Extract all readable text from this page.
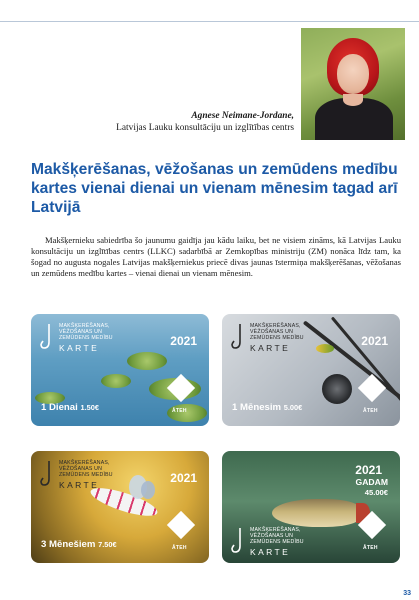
Agnese Neimane-Jordane,
Latvijas Lauku konsultāciju un izglītības centrs
Makšķerēšanas, vēžošanas un zemūdens medību kartes vienai dienai un vienam mēnesim tagad arī Latvijā

Makšķernieku sabiedrība šo jaunumu gaidīja jau kādu laiku, bet ne visiem zināms, kā Latvijas Lauku konsultāciju un izglītības centrs (LLKC) sadarbībā ar Zemkopības ministriju (ZM) nonāca līdz tam, ka šogad no augusta nogales Latvijas makšķerniekus priecē divas jaunas īstermiņa makšķerēšanas, vēžošanas un zemūdens medību kartes – vienai dienai un vienam mēnesim.

MAKŠĶERĒŠANAS,
VĒŽOŠANAS UN
ZEMŪDENS MEDĪBU
KARTE	2021
ĀTEH
1 Dienai 1.50€
MAKŠĶERĒŠANAS,
VĒŽOŠANAS UN
ZEMŪDENS MEDĪBU
KARTE	2021
ĀTEH
1 Mēnesim 5.00€
MAKŠĶERĒŠANAS,
VĒŽOŠANAS UN
ZEMŪDENS MEDĪBU
KARTE	2021
ĀTEH
3 Mēnešiem 7.50€
MAKŠĶERĒŠANAS,
VĒŽOŠANAS UN
ZEMŪDENS MEDĪBU
KARTE
2021
GADAM
45.00€
ĀTEH
33
